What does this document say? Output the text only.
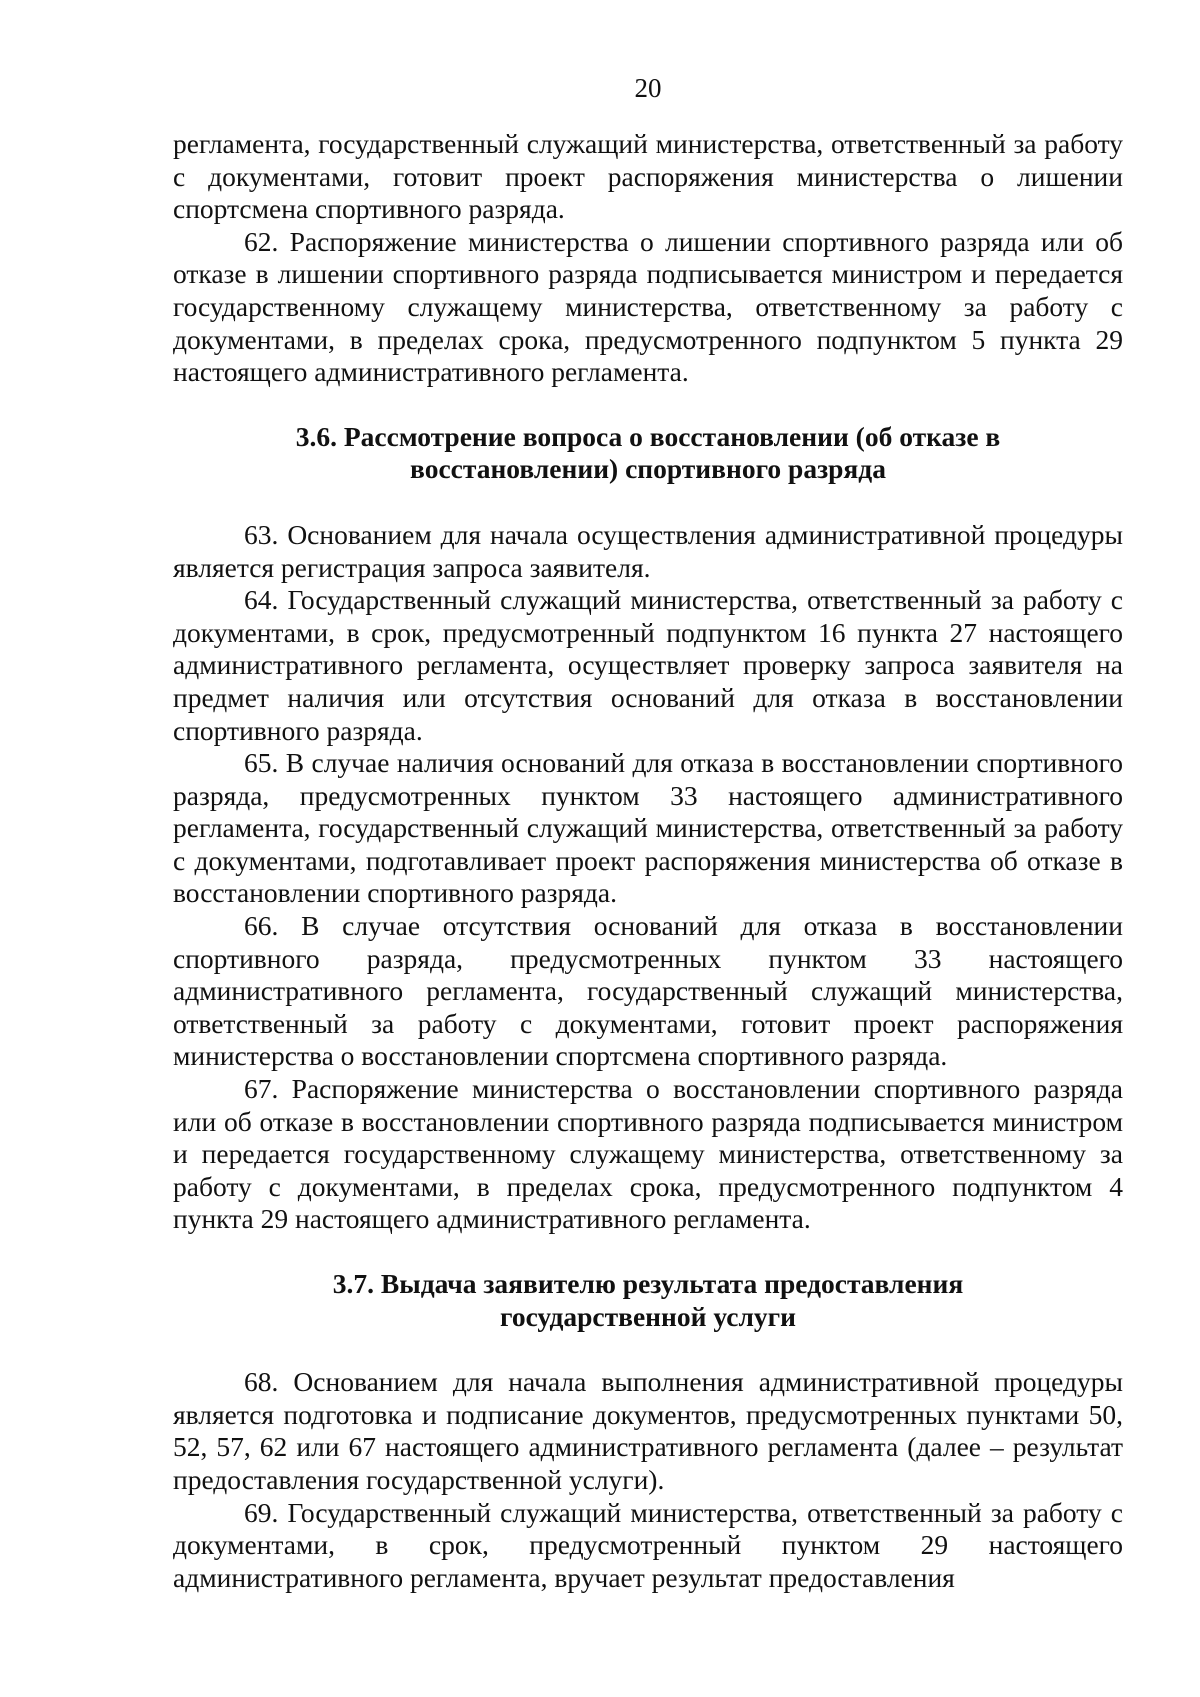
20

регламента, государственный служащий министерства, ответственный за работу с документами, готовит проект распоряжения министерства о лишении спортсмена спортивного разряда.

62. Распоряжение министерства о лишении спортивного разряда или об отказе в лишении спортивного разряда подписывается министром и передается государственному служащему министерства, ответственному за работу с документами, в пределах срока, предусмотренного подпунктом 5 пункта 29 настоящего административного регламента.

3.6. Рассмотрение вопроса о восстановлении (об отказе в
восстановлении) спортивного разряда

63. Основанием для начала осуществления административной процедуры является регистрация запроса заявителя.

64. Государственный служащий министерства, ответственный за работу с документами, в срок, предусмотренный подпунктом 16 пункта 27 настоящего административного регламента, осуществляет проверку запроса заявителя на предмет наличия или отсутствия оснований для отказа в восстановлении спортивного разряда.

65. В случае наличия оснований для отказа в восстановлении спортивного разряда, предусмотренных пунктом 33 настоящего административного регламента, государственный служащий министерства, ответственный за работу с документами, подготавливает проект распоряжения министерства об отказе в восстановлении спортивного разряда.

66. В случае отсутствия оснований для отказа в восстановлении спортивного разряда, предусмотренных пунктом 33 настоящего административного регламента, государственный служащий министерства, ответственный за работу с документами, готовит проект распоряжения министерства о восстановлении спортсмена спортивного разряда.

67. Распоряжение министерства о восстановлении спортивного разряда или об отказе в восстановлении спортивного разряда подписывается министром и передается государственному служащему министерства, ответственному за работу с документами, в пределах срока, предусмотренного подпунктом 4 пункта 29 настоящего административного регламента.

3.7. Выдача заявителю результата предоставления
государственной услуги

68. Основанием для начала выполнения административной процедуры является подготовка и подписание документов, предусмотренных пунктами 50, 52, 57, 62 или 67 настоящего административного регламента (далее – результат предоставления государственной услуги).

69. Государственный служащий министерства, ответственный за работу с документами, в срок, предусмотренный пунктом 29 настоящего административного регламента, вручает результат предоставления
